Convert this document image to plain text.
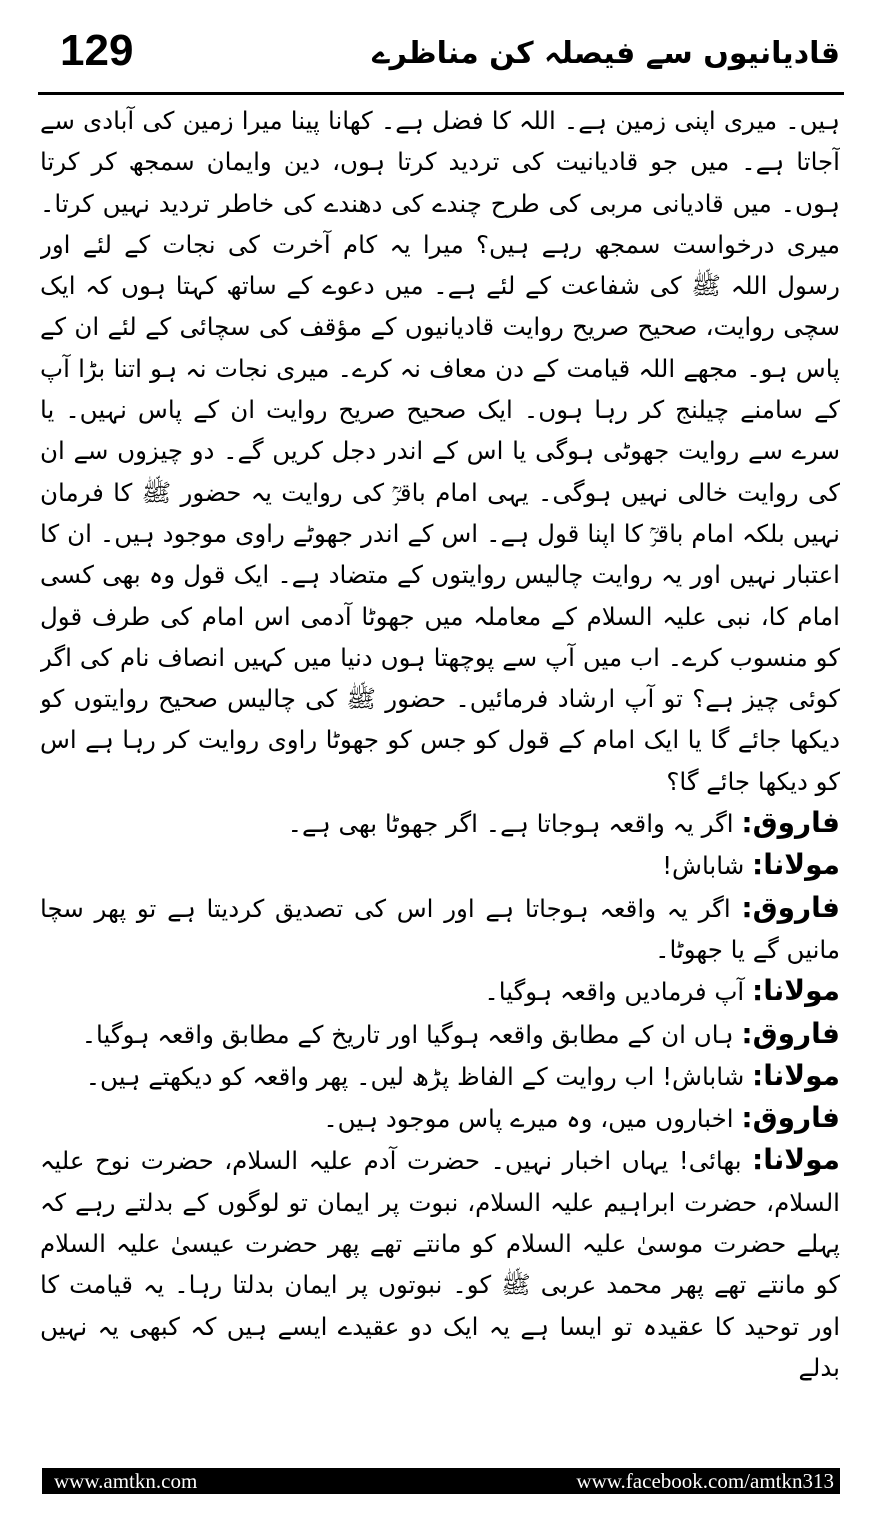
129	قادیانیوں سے فیصلہ کن مناظرے

ہیں۔ میری اپنی زمین ہے۔ اللہ کا فضل ہے۔ کھانا پینا میرا زمین کی آبادی سے آجاتا ہے۔ میں جو قادیانیت کی تردید کرتا ہوں، دین وایمان سمجھ کر کرتا ہوں۔ میں قادیانی مربی کی طرح چندے کی دھندے کی خاطر تردید نہیں کرتا۔ میری درخواست سمجھ رہے ہیں؟ میرا یہ کام آخرت کی نجات کے لئے اور رسول اللہ ﷺ کی شفاعت کے لئے ہے۔ میں دعوے کے ساتھ کہتا ہوں کہ ایک سچی روایت، صحیح صریح روایت قادیانیوں کے مؤقف کی سچائی کے لئے ان کے پاس ہو۔ مجھے اللہ قیامت کے دن معاف نہ کرے۔ میری نجات نہ ہو اتنا بڑا آپ کے سامنے چیلنج کر رہا ہوں۔ ایک صحیح صریح روایت ان کے پاس نہیں۔ یا سرے سے روایت جھوٹی ہوگی یا اس کے اندر دجل کریں گے۔ دو چیزوں سے ان کی روایت خالی نہیں ہوگی۔ یہی امام باقرؒ کی روایت یہ حضور ﷺ کا فرمان نہیں بلکہ امام باقرؒ کا اپنا قول ہے۔ اس کے اندر جھوٹے راوی موجود ہیں۔ ان کا اعتبار نہیں اور یہ روایت چالیس روایتوں کے متضاد ہے۔ ایک قول وہ بھی کسی امام کا، نبی علیہ السلام کے معاملہ میں جھوٹا آدمی اس امام کی طرف قول کو منسوب کرے۔ اب میں آپ سے پوچھتا ہوں دنیا میں کہیں انصاف نام کی اگر کوئی چیز ہے؟ تو آپ ارشاد فرمائیں۔ حضور ﷺ کی چالیس صحیح روایتوں کو دیکھا جائے گا یا ایک امام کے قول کو جس کو جھوٹا راوی روایت کر رہا ہے اس کو دیکھا جائے گا؟

فاروق: اگر یہ واقعہ ہوجاتا ہے۔ اگر جھوٹا بھی ہے۔

مولانا: شاباش!

فاروق: اگر یہ واقعہ ہوجاتا ہے اور اس کی تصدیق کردیتا ہے تو پھر سچا مانیں گے یا جھوٹا۔

مولانا: آپ فرمادیں واقعہ ہوگیا۔

فاروق: ہاں ان کے مطابق واقعہ ہوگیا اور تاریخ کے مطابق واقعہ ہوگیا۔

مولانا: شاباش! اب روایت کے الفاظ پڑھ لیں۔ پھر واقعہ کو دیکھتے ہیں۔

فاروق: اخباروں میں، وہ میرے پاس موجود ہیں۔

مولانا: بھائی! یہاں اخبار نہیں۔ حضرت آدم علیہ السلام، حضرت نوح علیہ السلام، حضرت ابراہیم علیہ السلام، نبوت پر ایمان تو لوگوں کے بدلتے رہے کہ پہلے حضرت موسیٰ علیہ السلام کو مانتے تھے پھر حضرت عیسیٰ علیہ السلام کو مانتے تھے پھر محمد عربی ﷺ کو۔ نبوتوں پر ایمان بدلتا رہا۔ یہ قیامت کا اور توحید کا عقیدہ تو ایسا ہے یہ ایک دو عقیدے ایسے ہیں کہ کبھی یہ نہیں بدلے

www.amtkn.com	www.facebook.com/amtkn313
